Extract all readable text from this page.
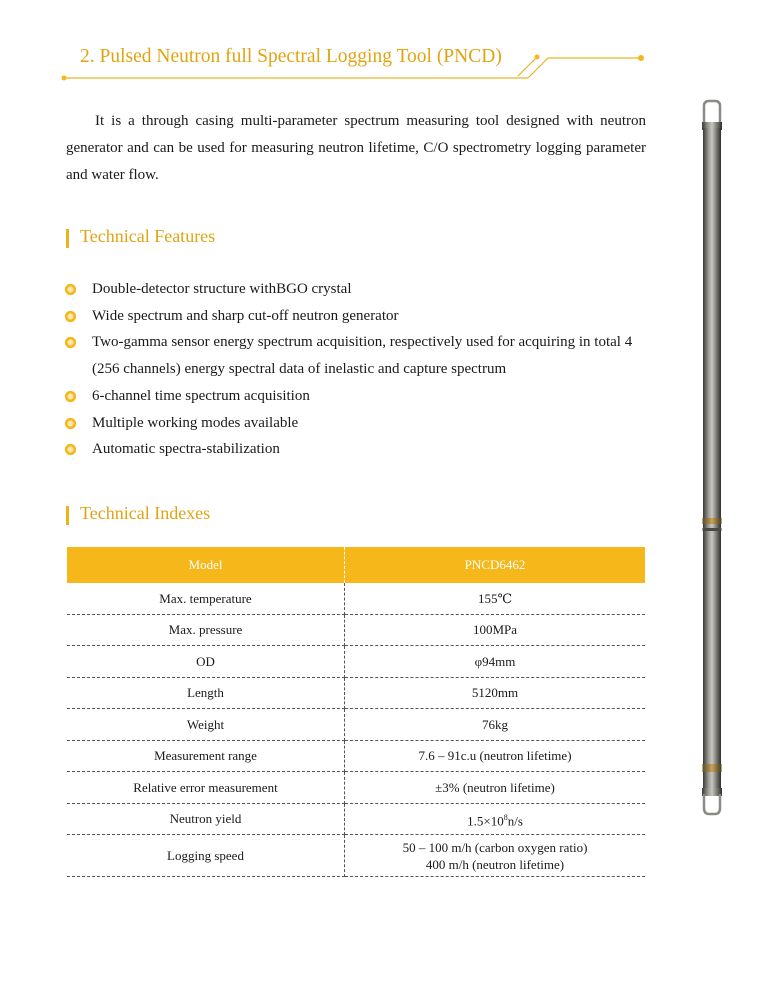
2. Pulsed Neutron full Spectral Logging Tool (PNCD)

It is a through casing multi-parameter spectrum measuring tool designed with neutron generator and can be used for measuring neutron lifetime, C/O spectrometry logging parameter and water flow.

Technical Features
Double-detector structure withBGO crystal
Wide spectrum and sharp cut-off neutron generator
Two-gamma sensor energy spectrum acquisition, respectively used for acquiring in total 4 (256 channels) energy spectral data of inelastic and capture spectrum
6-channel time spectrum acquisition
Multiple working modes available
Automatic spectra-stabilization
Technical Indexes
Model	PNCD6462
Max. temperature	155℃
Max. pressure	100MPa
OD	φ94mm
Length	5120mm
Weight	76kg
Measurement range	7.6 – 91c.u (neutron lifetime)
Relative error measurement	±3% (neutron lifetime)
Neutron yield	$1.5\times 10^8n/s$
Logging speed	50 – 100 m/h (carbon oxygen ratio)
400 m/h (neutron lifetime)
